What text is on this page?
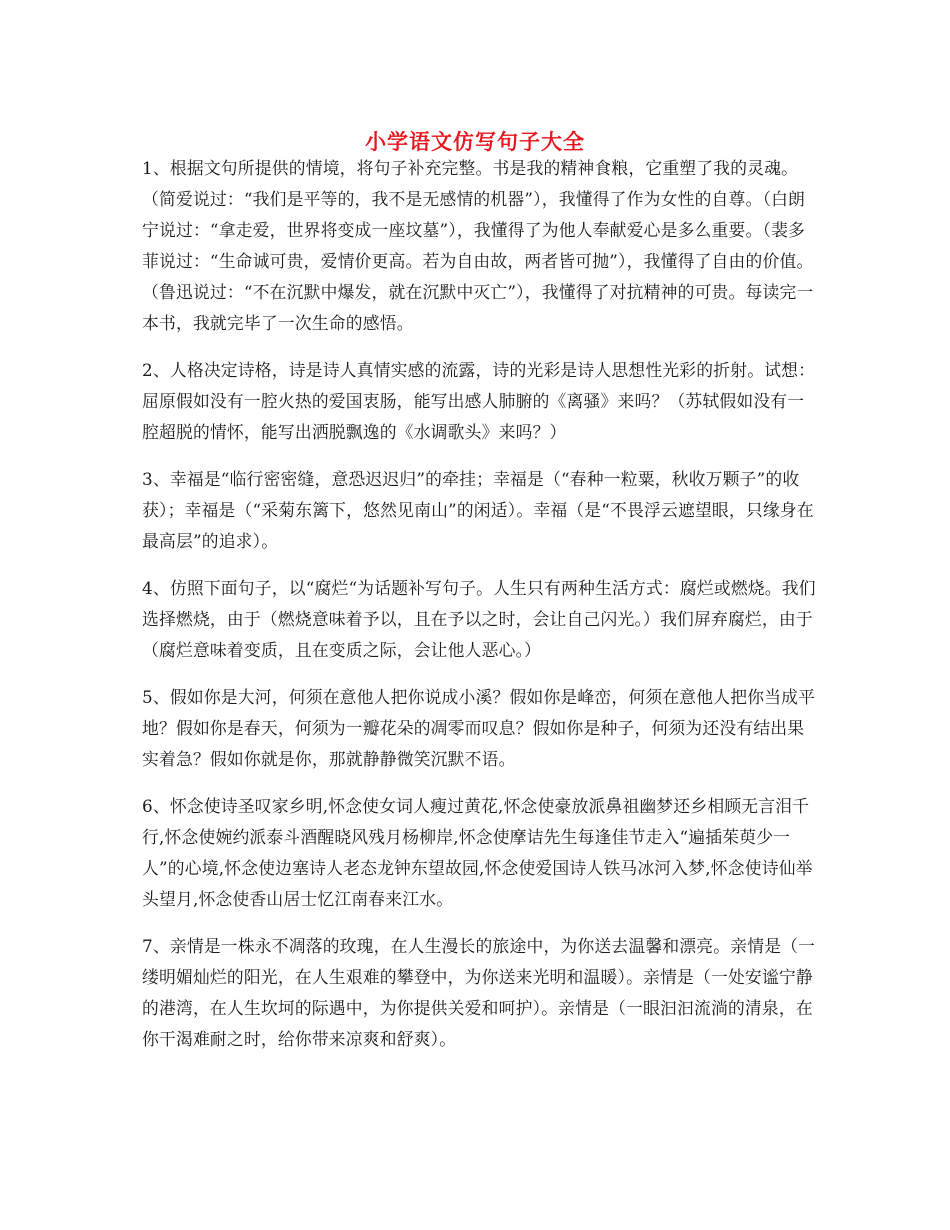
小学语文仿写句子大全

1、根据文句所提供的情境，将句子补充完整。书是我的精神食粮，它重塑了我的灵魂。（简爱说过：“我们是平等的，我不是无感情的机器”），我懂得了作为女性的自尊。（白朗宁说过：“拿走爱，世界将变成一座坟墓”），我懂得了为他人奉献爱心是多么重要。（裴多菲说过：“生命诚可贵，爱情价更高。若为自由故，两者皆可抛”），我懂得了自由的价值。（鲁迅说过：“不在沉默中爆发，就在沉默中灭亡”），我懂得了对抗精神的可贵。每读完一本书，我就完毕了一次生命的感悟。

2、人格决定诗格，诗是诗人真情实感的流露，诗的光彩是诗人思想性光彩的折射。试想：屈原假如没有一腔火热的爱国衷肠，能写出感人肺腑的《离骚》来吗？（苏轼假如没有一腔超脱的情怀，能写出洒脱飘逸的《水调歌头》来吗？）

3、幸福是“临行密密缝，意恐迟迟归”的牵挂；幸福是（“春种一粒粟，秋收万颗子”的收获）；幸福是（“采菊东篱下，悠然见南山”的闲适）。幸福（是“不畏浮云遮望眼，只缘身在最高层”的追求）。

4、仿照下面句子，以“腐烂“为话题补写句子。人生只有两种生活方式：腐烂或燃烧。我们选择燃烧，由于（燃烧意味着予以，且在予以之时，会让自己闪光。）我们屏弃腐烂，由于（腐烂意味着变质，且在变质之际，会让他人恶心。）

5、假如你是大河，何须在意他人把你说成小溪？假如你是峰峦，何须在意他人把你当成平地？假如你是春天，何须为一瓣花朵的凋零而叹息？假如你是种子，何须为还没有结出果实着急？假如你就是你，那就静静微笑沉默不语。

6、怀念使诗圣叹家乡明,怀念使女词人瘦过黄花,怀念使豪放派鼻祖幽梦还乡相顾无言泪千行,怀念使婉约派泰斗酒醒晓风残月杨柳岸,怀念使摩诘先生每逢佳节走入“遍插茱萸少一人”的心境,怀念使边塞诗人老态龙钟东望故园,怀念使爱国诗人铁马冰河入梦,怀念使诗仙举头望月,怀念使香山居士忆江南春来江水。

7、亲情是一株永不凋落的玫瑰，在人生漫长的旅途中，为你送去温馨和漂亮。亲情是（一缕明媚灿烂的阳光，在人生艰难的攀登中，为你送来光明和温暖）。亲情是（一处安谧宁静的港湾，在人生坎坷的际遇中，为你提供关爱和呵护）。亲情是（一眼汩汩流淌的清泉，在你干渴难耐之时，给你带来凉爽和舒爽）。
